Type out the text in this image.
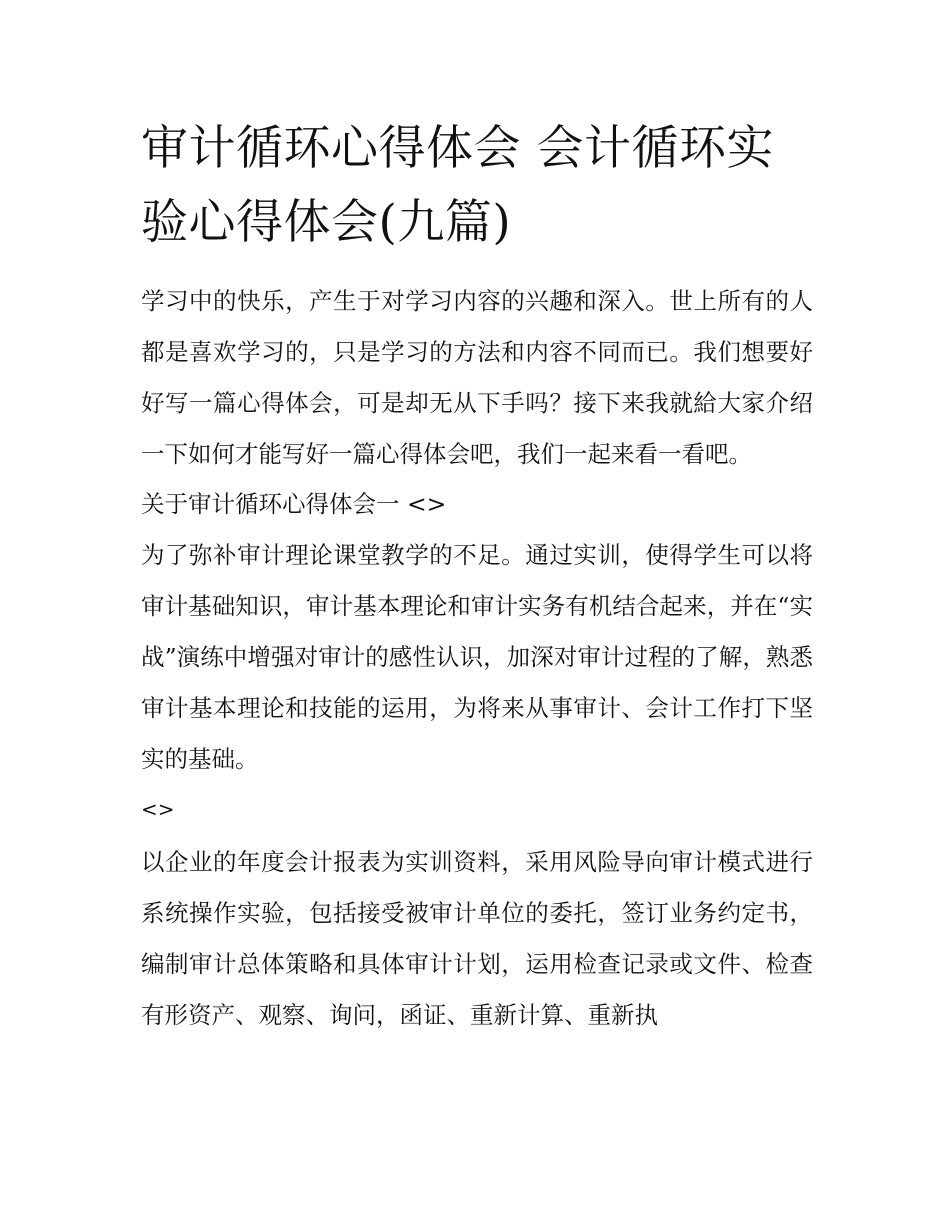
审计循环心得体会 会计循环实验心得体会(九篇)

学习中的快乐，产生于对学习内容的兴趣和深入。世上所有的人都是喜欢学习的，只是学习的方法和内容不同而已。我们想要好好写一篇心得体会，可是却无从下手吗？接下来我就給大家介绍一下如何才能写好一篇心得体会吧，我们一起来看一看吧。

关于审计循环心得体会一 <>

为了弥补审计理论课堂教学的不足。通过实训，使得学生可以将审计基础知识，审计基本理论和审计实务有机结合起来，并在“实战”演练中增强对审计的感性认识，加深对审计过程的了解，熟悉审计基本理论和技能的运用，为将来从事审计、会计工作打下坚实的基础。

<>

以企业的年度会计报表为实训资料，采用风险导向审计模式进行系统操作实验，包括接受被审计单位的委托，签订业务约定书，编制审计总体策略和具体审计计划，运用检查记录或文件、检查有形资产、观察、询问，函证、重新计算、重新执
